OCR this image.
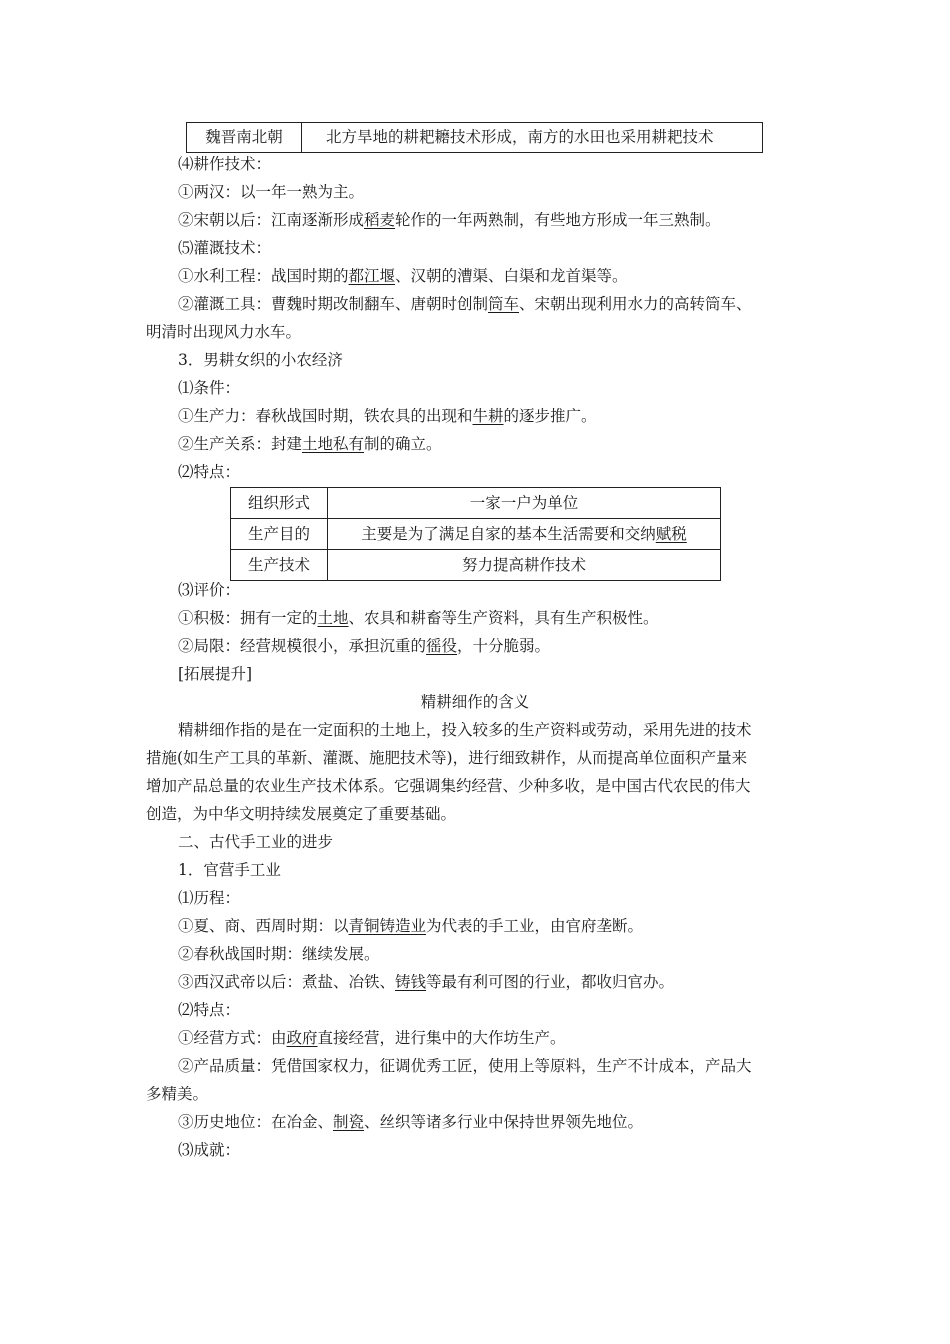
魏晋南北朝	北方旱地的耕耙耱技术形成，南方的水田也采用耕耙技术
⑷耕作技术：
①两汉：以一年一熟为主。
②宋朝以后：江南逐渐形成稻麦轮作的一年两熟制，有些地方形成一年三熟制。
⑸灌溉技术：
①水利工程：战国时期的都江堰、汉朝的漕渠、白渠和龙首渠等。
②灌溉工具：曹魏时期改制翻车、唐朝时创制筒车、宋朝出现利用水力的高转筒车、
明清时出现风力水车。
3．男耕女织的小农经济
⑴条件：
①生产力：春秋战国时期，铁农具的出现和牛耕的逐步推广。
②生产关系：封建土地私有制的确立。
⑵特点：
组织形式	一家一户为单位
生产目的	主要是为了满足自家的基本生活需要和交纳赋税
生产技术	努力提高耕作技术
⑶评价：
①积极：拥有一定的土地、农具和耕畜等生产资料，具有生产积极性。
②局限：经营规模很小，承担沉重的徭役，十分脆弱。
[拓展提升]
精耕细作的含义
精耕细作指的是在一定面积的土地上，投入较多的生产资料或劳动，采用先进的技术
措施(如生产工具的革新、灌溉、施肥技术等)，进行细致耕作，从而提高单位面积产量来
增加产品总量的农业生产技术体系。它强调集约经营、少种多收，是中国古代农民的伟大
创造，为中华文明持续发展奠定了重要基础。
二、古代手工业的进步
1．官营手工业
⑴历程：
①夏、商、西周时期：以青铜铸造业为代表的手工业，由官府垄断。
②春秋战国时期：继续发展。
③西汉武帝以后：煮盐、冶铁、铸钱等最有利可图的行业，都收归官办。
⑵特点：
①经营方式：由政府直接经营，进行集中的大作坊生产。
②产品质量：凭借国家权力，征调优秀工匠，使用上等原料，生产不计成本，产品大
多精美。
③历史地位：在冶金、制瓷、丝织等诸多行业中保持世界领先地位。
⑶成就：
